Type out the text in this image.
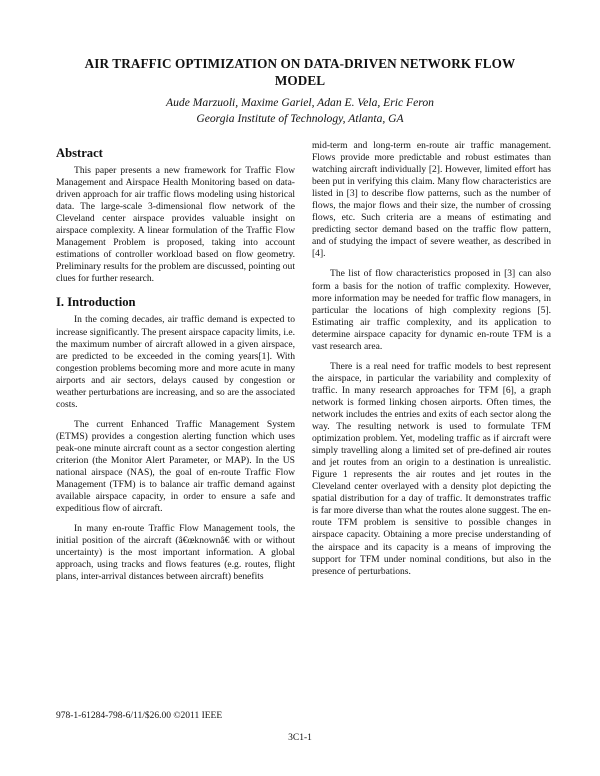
AIR TRAFFIC OPTIMIZATION ON DATA-DRIVEN NETWORK FLOW MODEL
Aude Marzuoli, Maxime Gariel, Adan E. Vela, Eric Feron
Georgia Institute of Technology, Atlanta, GA
Abstract

This paper presents a new framework for Traffic Flow Management and Airspace Health Monitoring based on data-driven approach for air traffic flows modeling using historical data. The large-scale 3-dimensional flow network of the Cleveland center airspace provides valuable insight on airspace complexity. A linear formulation of the Traffic Flow Management Problem is proposed, taking into account estimations of controller workload based on flow geometry. Preliminary results for the problem are discussed, pointing out clues for further research.

I. Introduction

In the coming decades, air traffic demand is expected to increase significantly. The present airspace capacity limits, i.e. the maximum number of aircraft allowed in a given airspace, are predicted to be exceeded in the coming years[1]. With congestion problems becoming more and more acute in many airports and air sectors, delays caused by congestion or weather perturbations are increasing, and so are the associated costs.

The current Enhanced Traffic Management System (ETMS) provides a congestion alerting function which uses peak-one minute aircraft count as a sector congestion alerting criterion (the Monitor Alert Parameter, or MAP). In the US national airspace (NAS), the goal of en-route Traffic Flow Management (TFM) is to balance air traffic demand against available airspace capacity, in order to ensure a safe and expeditious flow of aircraft.

In many en-route Traffic Flow Management tools, the initial position of the aircraft (â€œknownâ€ with or without uncertainty) is the most important information. A global approach, using tracks and flows features (e.g. routes, flight plans, inter-arrival distances between aircraft) benefits

mid-term and long-term en-route air traffic management. Flows provide more predictable and robust estimates than watching aircraft individually [2]. However, limited effort has been put in verifying this claim. Many flow characteristics are listed in [3] to describe flow patterns, such as the number of flows, the major flows and their size, the number of crossing flows, etc. Such criteria are a means of estimating and predicting sector demand based on the traffic flow pattern, and of studying the impact of severe weather, as described in [4].

The list of flow characteristics proposed in [3] can also form a basis for the notion of traffic complexity. However, more information may be needed for traffic flow managers, in particular the locations of high complexity regions [5]. Estimating air traffic complexity, and its application to determine airspace capacity for dynamic en-route TFM is a vast research area.

There is a real need for traffic models to best represent the airspace, in particular the variability and complexity of traffic. In many research approaches for TFM [6], a graph network is formed linking chosen airports. Often times, the network includes the entries and exits of each sector along the way. The resulting network is used to formulate TFM optimization problem. Yet, modeling traffic as if aircraft were simply travelling along a limited set of pre-defined air routes and jet routes from an origin to a destination is unrealistic. Figure 1 represents the air routes and jet routes in the Cleveland center overlayed with a density plot depicting the spatial distribution for a day of traffic. It demonstrates traffic is far more diverse than what the routes alone suggest. The en-route TFM problem is sensitive to possible changes in airspace capacity. Obtaining a more precise understanding of the airspace and its capacity is a means of improving the support for TFM under nominal conditions, but also in the presence of perturbations.

978-1-61284-798-6/11/$26.00 ©2011 IEEE
3C1-1
